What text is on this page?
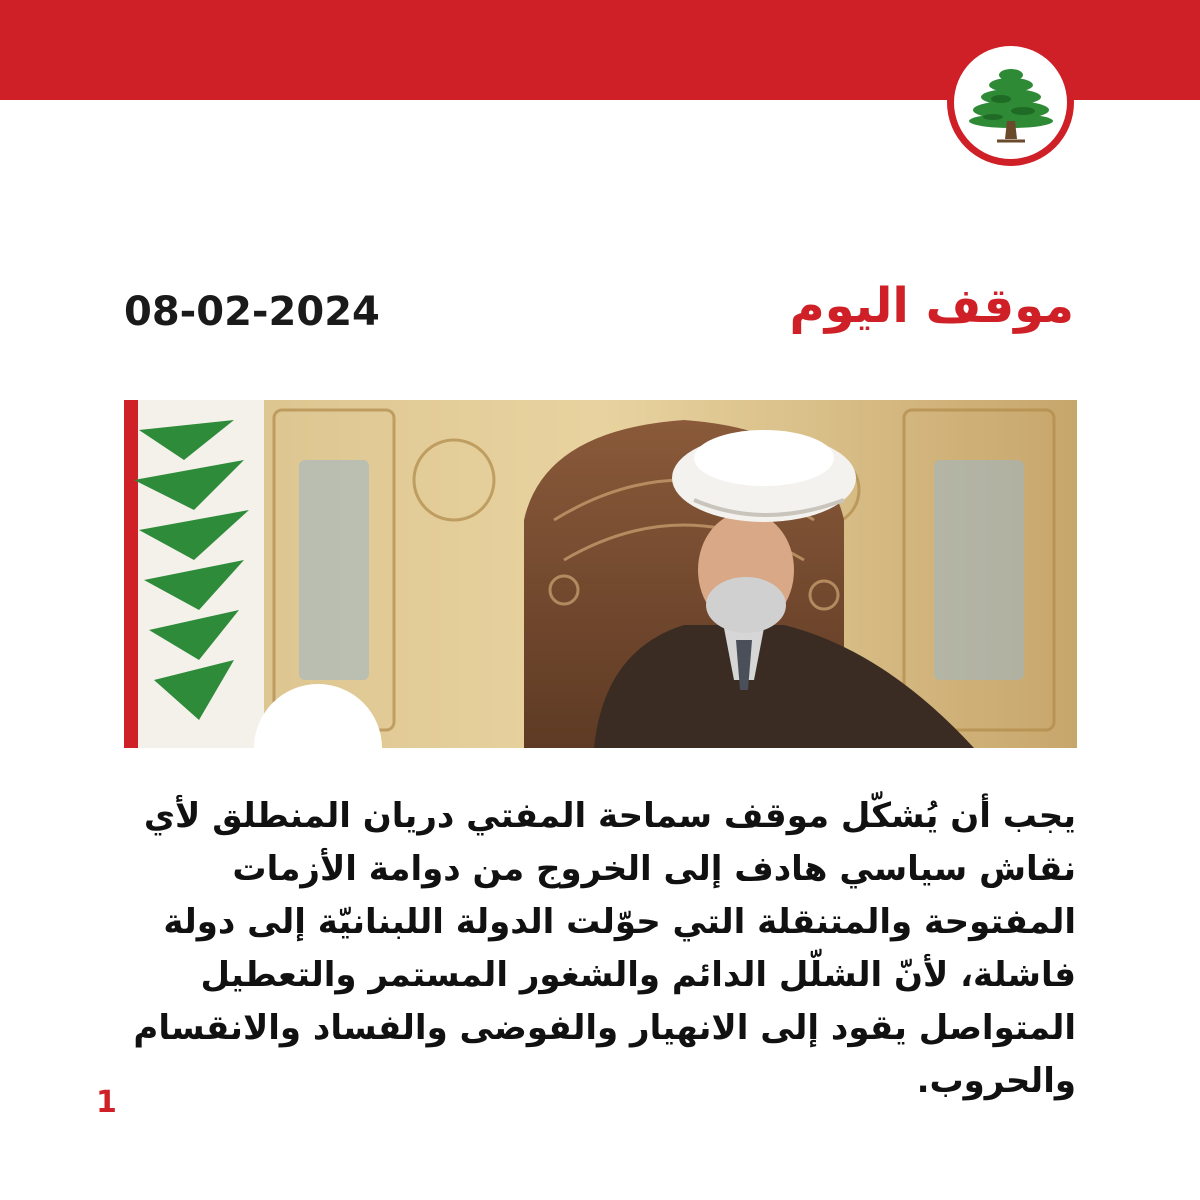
موقف اليوم
08-02-2024
يجب أن يُشكّل موقف سماحة المفتي دريان المنطلق لأي نقاش سياسي هادف إلى الخروج من دوامة الأزمات المفتوحة والمتنقلة التي حوّلت الدولة اللبنانيّة إلى دولة فاشلة، لأنّ الشلّل الدائم والشغور المستمر والتعطيل المتواصل يقود إلى الانهيار والفوضى والفساد والانقسام والحروب.
1
